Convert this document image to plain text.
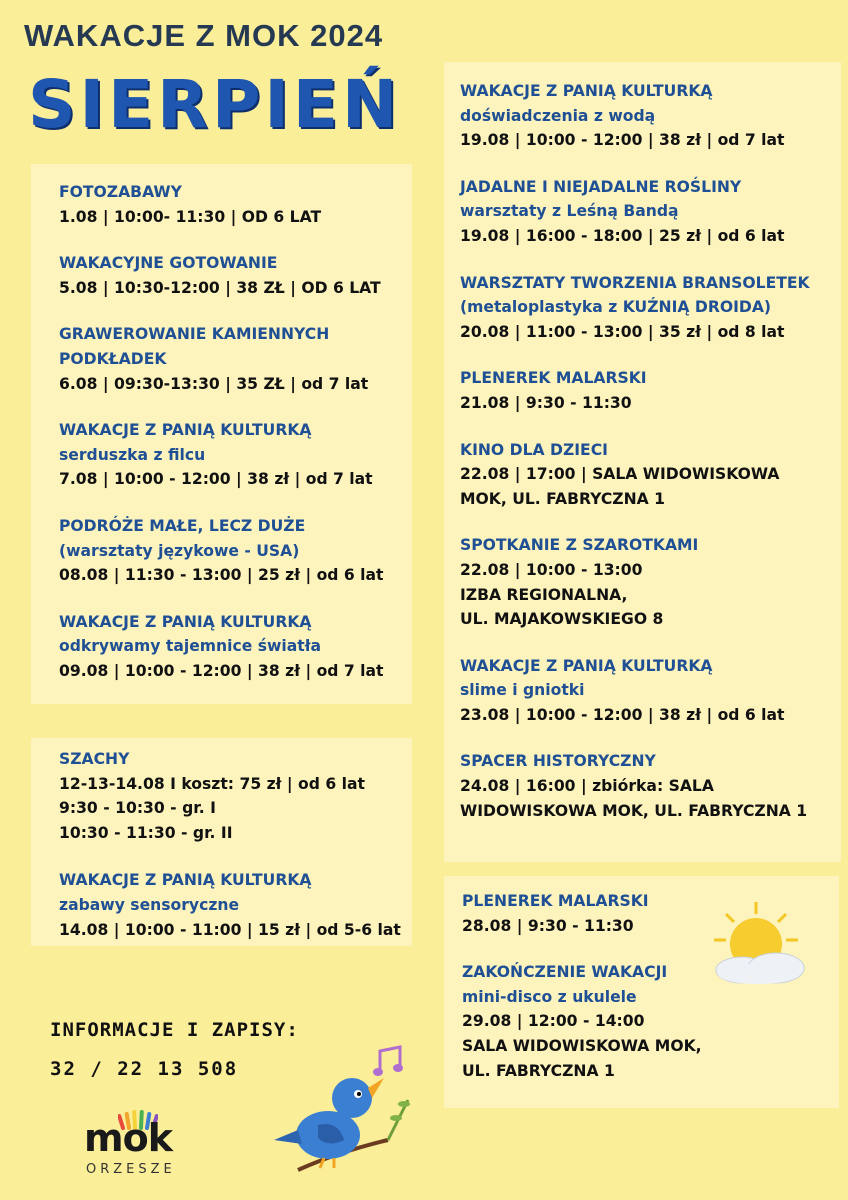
WAKACJE Z MOK 2024
SIERPIEŃ
FOTOZABAWY
1.08 | 10:00- 11:30 | OD 6 LAT
WAKACYJNE GOTOWANIE
5.08 | 10:30-12:00 | 38 ZŁ | OD 6 LAT
GRAWEROWANIE KAMIENNYCH
PODKŁADEK
6.08 | 09:30-13:30 | 35 ZŁ | od 7 lat
WAKACJE Z PANIĄ KULTURKĄ
serduszka z filcu
7.08 | 10:00 - 12:00 | 38 zł | od 7 lat
PODRÓŻE MAŁE, LECZ DUŻE
(warsztaty językowe - USA)
08.08 | 11:30 - 13:00 | 25 zł | od 6 lat
WAKACJE Z PANIĄ KULTURKĄ
odkrywamy tajemnice światła
09.08 | 10:00 - 12:00 | 38 zł | od 7 lat
SZACHY
12-13-14.08 I koszt: 75 zł | od 6 lat
9:30 - 10:30 - gr. I
10:30 - 11:30 - gr. II
WAKACJE Z PANIĄ KULTURKĄ
zabawy sensoryczne
14.08 | 10:00 - 11:00 | 15 zł | od 5-6 lat
WAKACJE Z PANIĄ KULTURKĄ
doświadczenia z wodą
19.08 | 10:00 - 12:00 | 38 zł | od 7 lat
JADALNE I NIEJADALNE ROŚLINY
warsztaty z Leśną Bandą
19.08 | 16:00 - 18:00 | 25 zł | od 6 lat
WARSZTATY TWORZENIA BRANSOLETEK
(metaloplastyka z KUŹNIĄ DROIDA)
20.08 | 11:00 - 13:00 | 35 zł | od 8 lat
PLENEREK MALARSKI
21.08 | 9:30 - 11:30
KINO DLA DZIECI
22.08 | 17:00 | SALA WIDOWISKOWA
MOK, UL. FABRYCZNA 1
SPOTKANIE Z SZAROTKAMI
22.08 | 10:00 - 13:00
IZBA REGIONALNA,
UL. MAJAKOWSKIEGO 8
WAKACJE Z PANIĄ KULTURKĄ
slime i gniotki
23.08 | 10:00 - 12:00 | 38 zł | od 6 lat
SPACER HISTORYCZNY
24.08 | 16:00 | zbiórka: SALA
WIDOWISKOWA MOK, UL. FABRYCZNA 1
PLENEREK MALARSKI
28.08 | 9:30 - 11:30
ZAKOŃCZENIE WAKACJI
mini-disco z ukulele
29.08 | 12:00 - 14:00
SALA WIDOWISKOWA MOK,
UL. FABRYCZNA 1
INFORMACJE I ZAPISY:
32 / 22 13 508
mok
ORZESZE
